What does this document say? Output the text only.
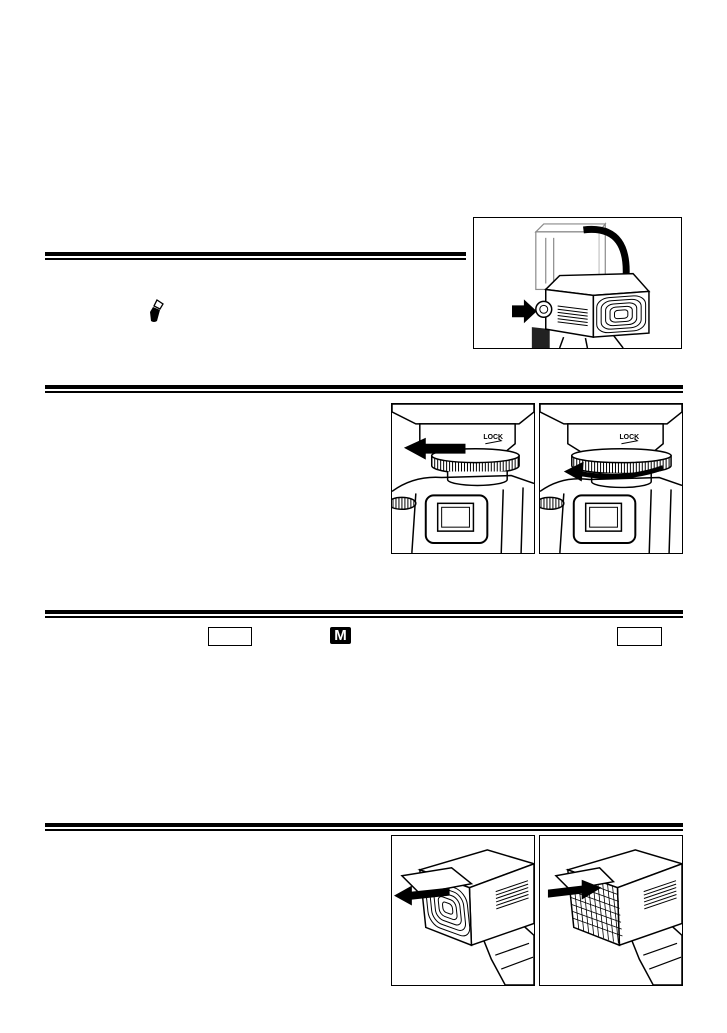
LOCK	LOCK
M
